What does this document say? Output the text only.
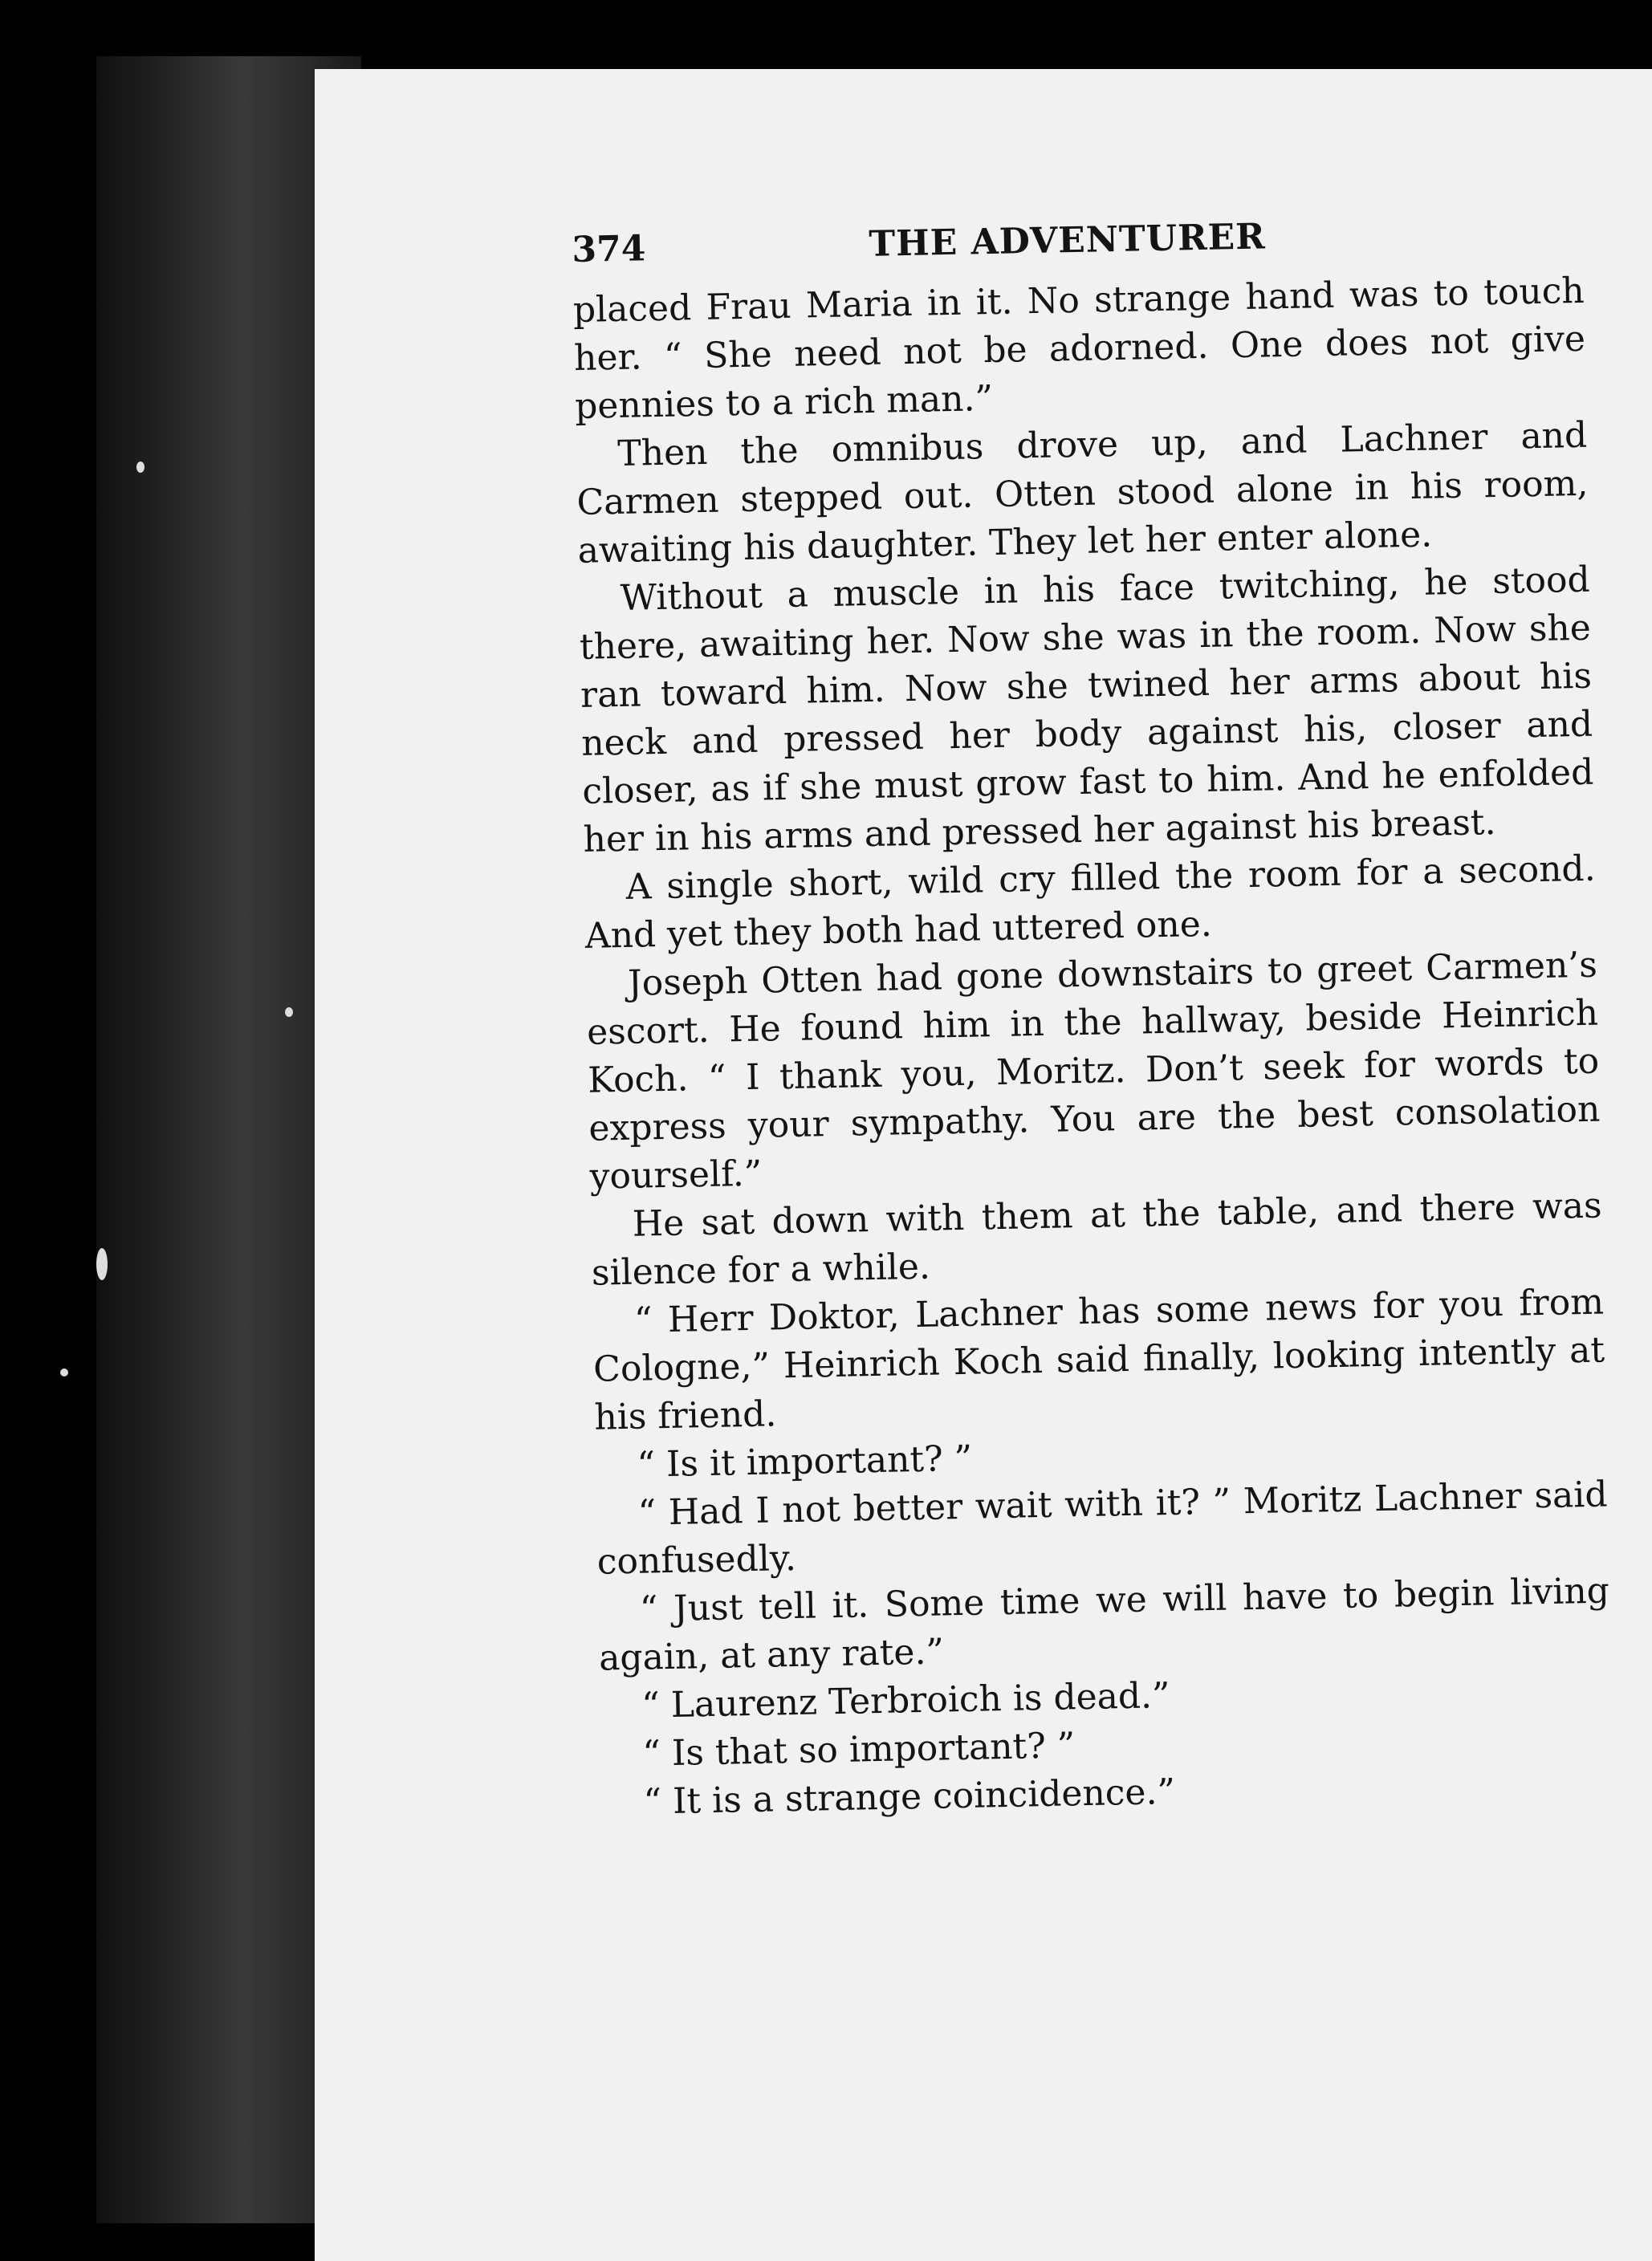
374	THE ADVENTURER

placed Frau Maria in it. No strange hand was to touch her. “ She need not be adorned. One does not give pennies to a rich man.”

Then the omnibus drove up, and Lachner and Carmen stepped out. Otten stood alone in his room, awaiting his daughter. They let her enter alone.

Without a muscle in his face twitching, he stood there, awaiting her. Now she was in the room. Now she ran toward him. Now she twined her arms about his neck and pressed her body against his, closer and closer, as if she must grow fast to him. And he enfolded her in his arms and pressed her against his breast.

A single short, wild cry filled the room for a second. And yet they both had uttered one.

Joseph Otten had gone downstairs to greet Carmen’s escort. He found him in the hallway, beside Heinrich Koch. “ I thank you, Moritz. Don’t seek for words to express your sympathy. You are the best consolation yourself.”

He sat down with them at the table, and there was silence for a while.

“ Herr Doktor, Lachner has some news for you from Cologne,” Heinrich Koch said finally, looking intently at his friend.

“ Is it important? ”

“ Had I not better wait with it? ” Moritz Lachner said confusedly.

“ Just tell it. Some time we will have to begin living again, at any rate.”

“ Laurenz Terbroich is dead.”

“ Is that so important? ”

“ It is a strange coincidence.”
